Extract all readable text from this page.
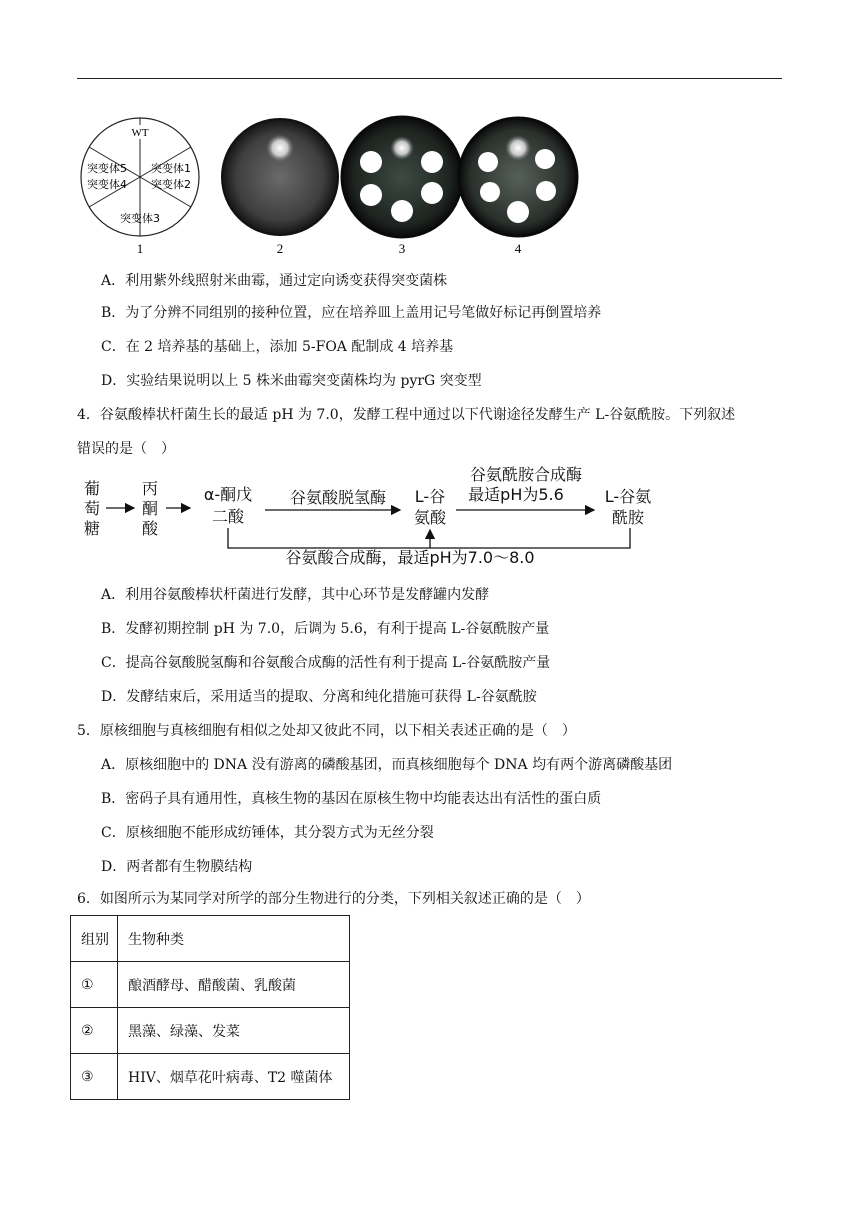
WT
突变体1
突变体2
突变体3
突变体4
突变体5
1	2	3	4
A．利用紫外线照射米曲霉，通过定向诱变获得突变菌株
B．为了分辨不同组别的接种位置，应在培养皿上盖用记号笔做好标记再倒置培养
C．在 2 培养基的基础上，添加 5-FOA 配制成 4 培养基
D．实验结果说明以上 5 株米曲霉突变菌株均为 pyrG 突变型
4．谷氨酸棒状杆菌生长的最适 pH 为 7.0，发酵工程中通过以下代谢途径发酵生产 L-谷氨酰胺。下列叙述
错误的是（　）
葡
萄
糖
丙
酮
酸
α-酮戊
二酸
谷氨酸脱氢酶 L-谷
氨酸
谷氨酰胺合成酶
最适pH为5.6	L-谷氨
酰胺
谷氨酸合成酶，最适pH为7.0～8.0
A．利用谷氨酸棒状杆菌进行发酵，其中心环节是发酵罐内发酵
B．发酵初期控制 pH 为 7.0，后调为 5.6，有利于提高 L-谷氨酰胺产量
C．提高谷氨酸脱氢酶和谷氨酸合成酶的活性有利于提高 L-谷氨酰胺产量
D．发酵结束后，采用适当的提取、分离和纯化措施可获得 L-谷氨酰胺
5．原核细胞与真核细胞有相似之处却又彼此不同，以下相关表述正确的是（　）
A．原核细胞中的 DNA 没有游离的磷酸基团，而真核细胞每个 DNA 均有两个游离磷酸基团
B．密码子具有通用性，真核生物的基因在原核生物中均能表达出有活性的蛋白质
C．原核细胞不能形成纺锤体，其分裂方式为无丝分裂
D．两者都有生物膜结构
6．如图所示为某同学对所学的部分生物进行的分类，下列相关叙述正确的是（　）
组别	生物种类
①	酿酒酵母、醋酸菌、乳酸菌
②	黑藻、绿藻、发菜
③	HIV、烟草花叶病毒、T2 噬菌体
